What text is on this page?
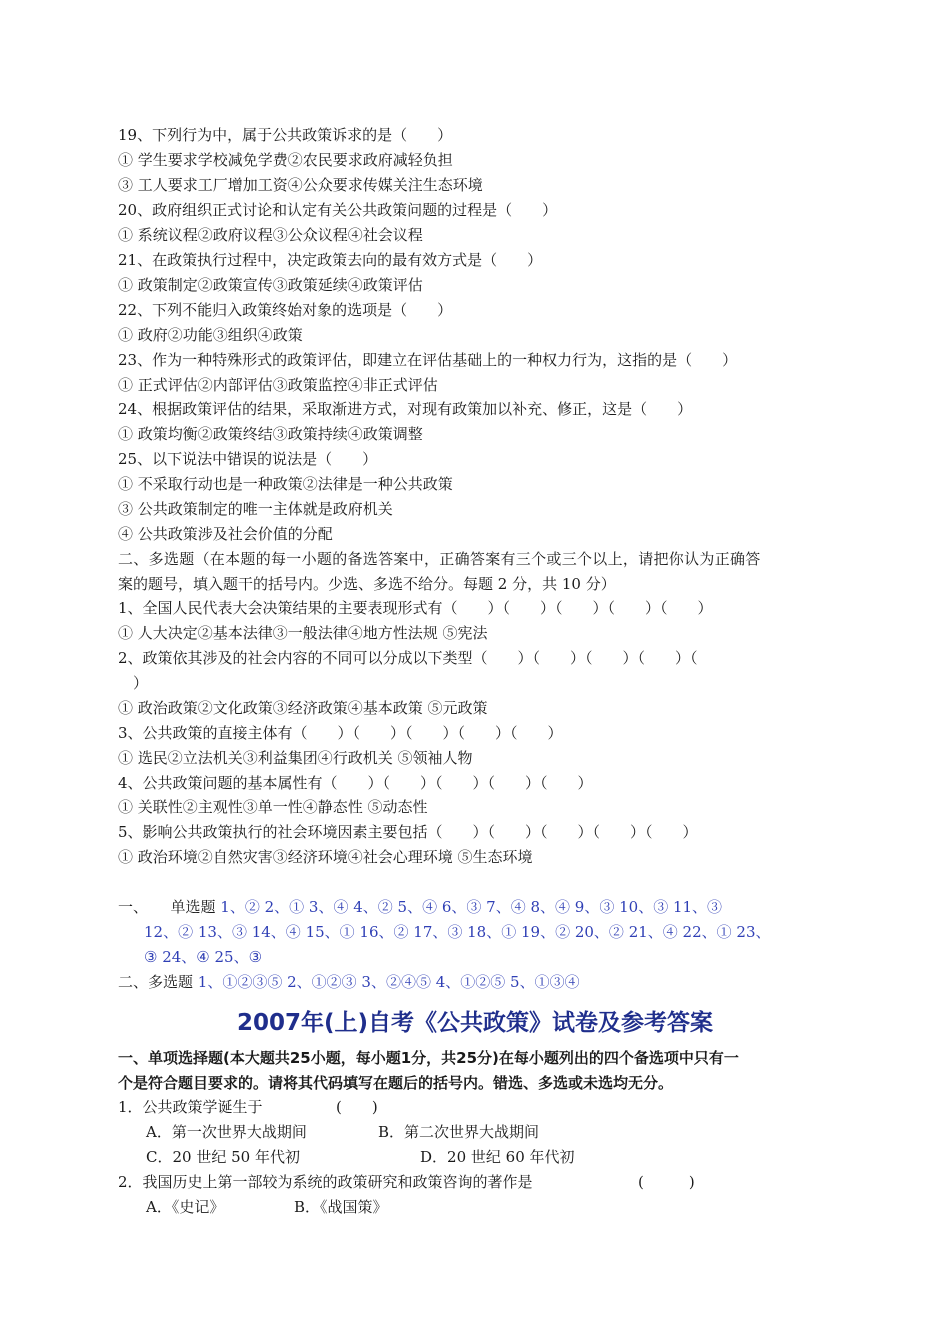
19、下列行为中，属于公共政策诉求的是（　　）
① 学生要求学校减免学费②农民要求政府减轻负担
③ 工人要求工厂增加工资④公众要求传媒关注生态环境
20、政府组织正式讨论和认定有关公共政策问题的过程是（　　）
① 系统议程②政府议程③公众议程④社会议程
21、在政策执行过程中，决定政策去向的最有效方式是（　　）
① 政策制定②政策宣传③政策延续④政策评估
22、下列不能归入政策终始对象的选项是（　　）
① 政府②功能③组织④政策
23、作为一种特殊形式的政策评估，即建立在评估基础上的一种权力行为，这指的是（　　）
① 正式评估②内部评估③政策监控④非正式评估
24、根据政策评估的结果，采取渐进方式，对现有政策加以补充、修正，这是（　　）
① 政策均衡②政策终结③政策持续④政策调整
25、以下说法中错误的说法是（　　）
① 不采取行动也是一种政策②法律是一种公共政策
③ 公共政策制定的唯一主体就是政府机关
④ 公共政策涉及社会价值的分配
二、多选题（在本题的每一小题的备选答案中，正确答案有三个或三个以上，请把你认为正确答
案的题号，填入题干的括号内。少选、多选不给分。每题 2 分，共 10 分）
1、全国人民代表大会决策结果的主要表现形式有（　　）（　　）（　　）（　　）（　　）
① 人大决定②基本法律③一般法律④地方性法规 ⑤宪法
2、政策依其涉及的社会内容的不同可以分成以下类型（　　）（　　）（　　）（　　）（
　）
① 政治政策②文化政策③经济政策④基本政策 ⑤元政策
3、公共政策的直接主体有（　　）（　　）（　　）（　　）（　　）
① 选民②立法机关③利益集团④行政机关 ⑤领袖人物
4、公共政策问题的基本属性有（　　）（　　）（　　）（　　）（　　）
① 关联性②主观性③单一性④静态性 ⑤动态性
5、影响公共政策执行的社会环境因素主要包括（　　）（　　）（　　）（　　）（　　）
① 政治环境②自然灾害③经济环境④社会心理环境 ⑤生态环境
一、　　单选题 1、② 2、① 3、④ 4、② 5、④ 6、③ 7、④ 8、④ 9、③ 10、③ 11、③
12、② 13、③ 14、④ 15、① 16、② 17、③ 18、① 19、② 20、② 21、④ 22、① 23、
③ 24、④ 25、③
二、多选题 1、①②③⑤ 2、①②③ 3、②④⑤ 4、①②⑤ 5、①③④
2007年(上)自考《公共政策》试卷及参考答案
一、单项选择题(本大题共25小题，每小题1分，共25分)在每小题列出的四个备选项中只有一
个是符合题目要求的。请将其代码填写在题后的括号内。错选、多选或未选均无分。
1．公共政策学诞生于	(　　)
A．第一次世界大战期间	B．第二次世界大战期间
C．20 世纪 50 年代初	D．20 世纪 60 年代初
2．我国历史上第一部较为系统的政策研究和政策咨询的著作是	(　　　)
A．《史记》	B．《战国策》
